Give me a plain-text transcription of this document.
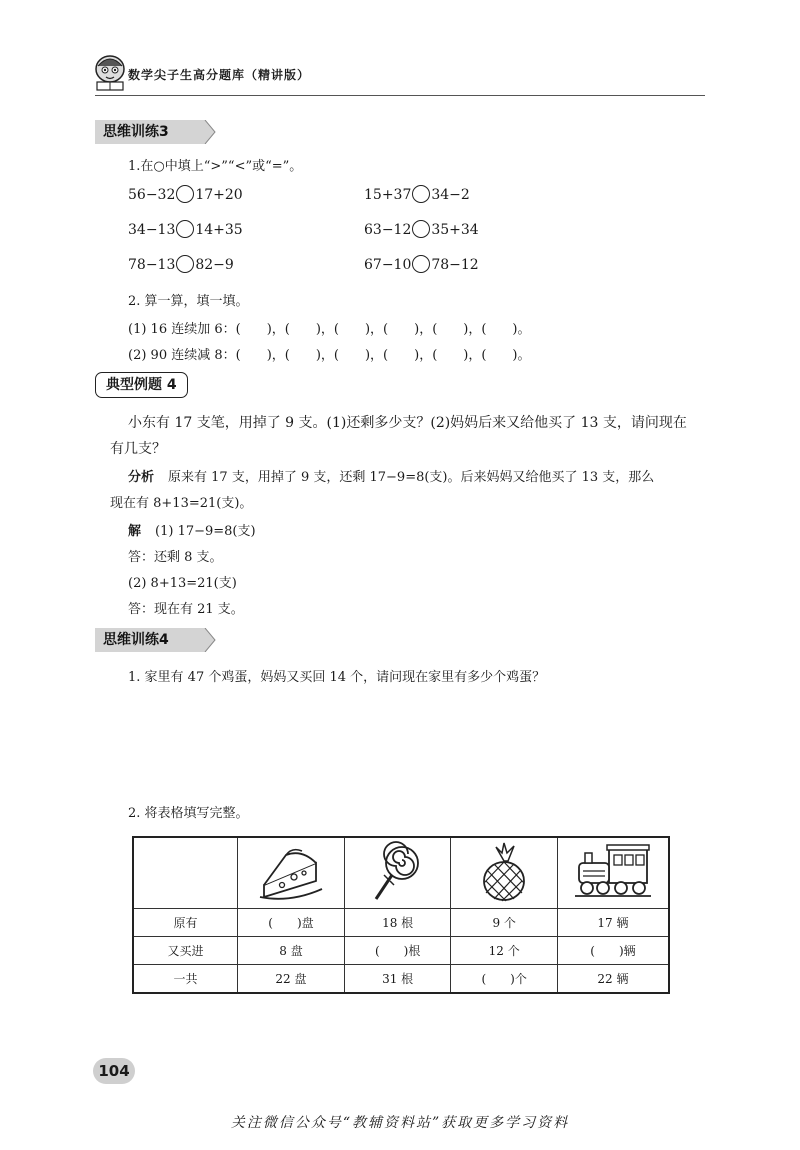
数学尖子生高分题库（精讲版）
思维训练3
1.在○中填上“>”“<”或“=”。
56−32 17+20	15+37 34−2
34−13 14+35	63−12 35+34
78−13 82−9	67−10 78−12
2. 算一算，填一填。
(1) 16 连续加 6：(　　)，(　　)，(　　)，(　　)，(　　)，(　　)。
(2) 90 连续减 8：(　　)，(　　)，(　　)，(　　)，(　　)，(　　)。
典型例题 4
小东有 17 支笔，用掉了 9 支。(1)还剩多少支？(2)妈妈后来又给他买了 13 支，请问现在
有几支？
分析 原来有 17 支，用掉了 9 支，还剩 17−9=8(支)。后来妈妈又给他买了 13 支，那么
现在有 8+13=21(支)。
解 (1) 17−9=8(支)
答：还剩 8 支。
(2) 8+13=21(支)
答：现在有 21 支。
思维训练4
1. 家里有 47 个鸡蛋，妈妈又买回 14 个，请问现在家里有多少个鸡蛋？
2. 将表格填写完整。

原有	(　　)盘	18 根	9 个	17 辆
又买进	8 盘	(　　)根	12 个	(　　)辆
一共	22 盘	31 根	(　　)个	22 辆
104
关注微信公众号“教辅资料站”获取更多学习资料
